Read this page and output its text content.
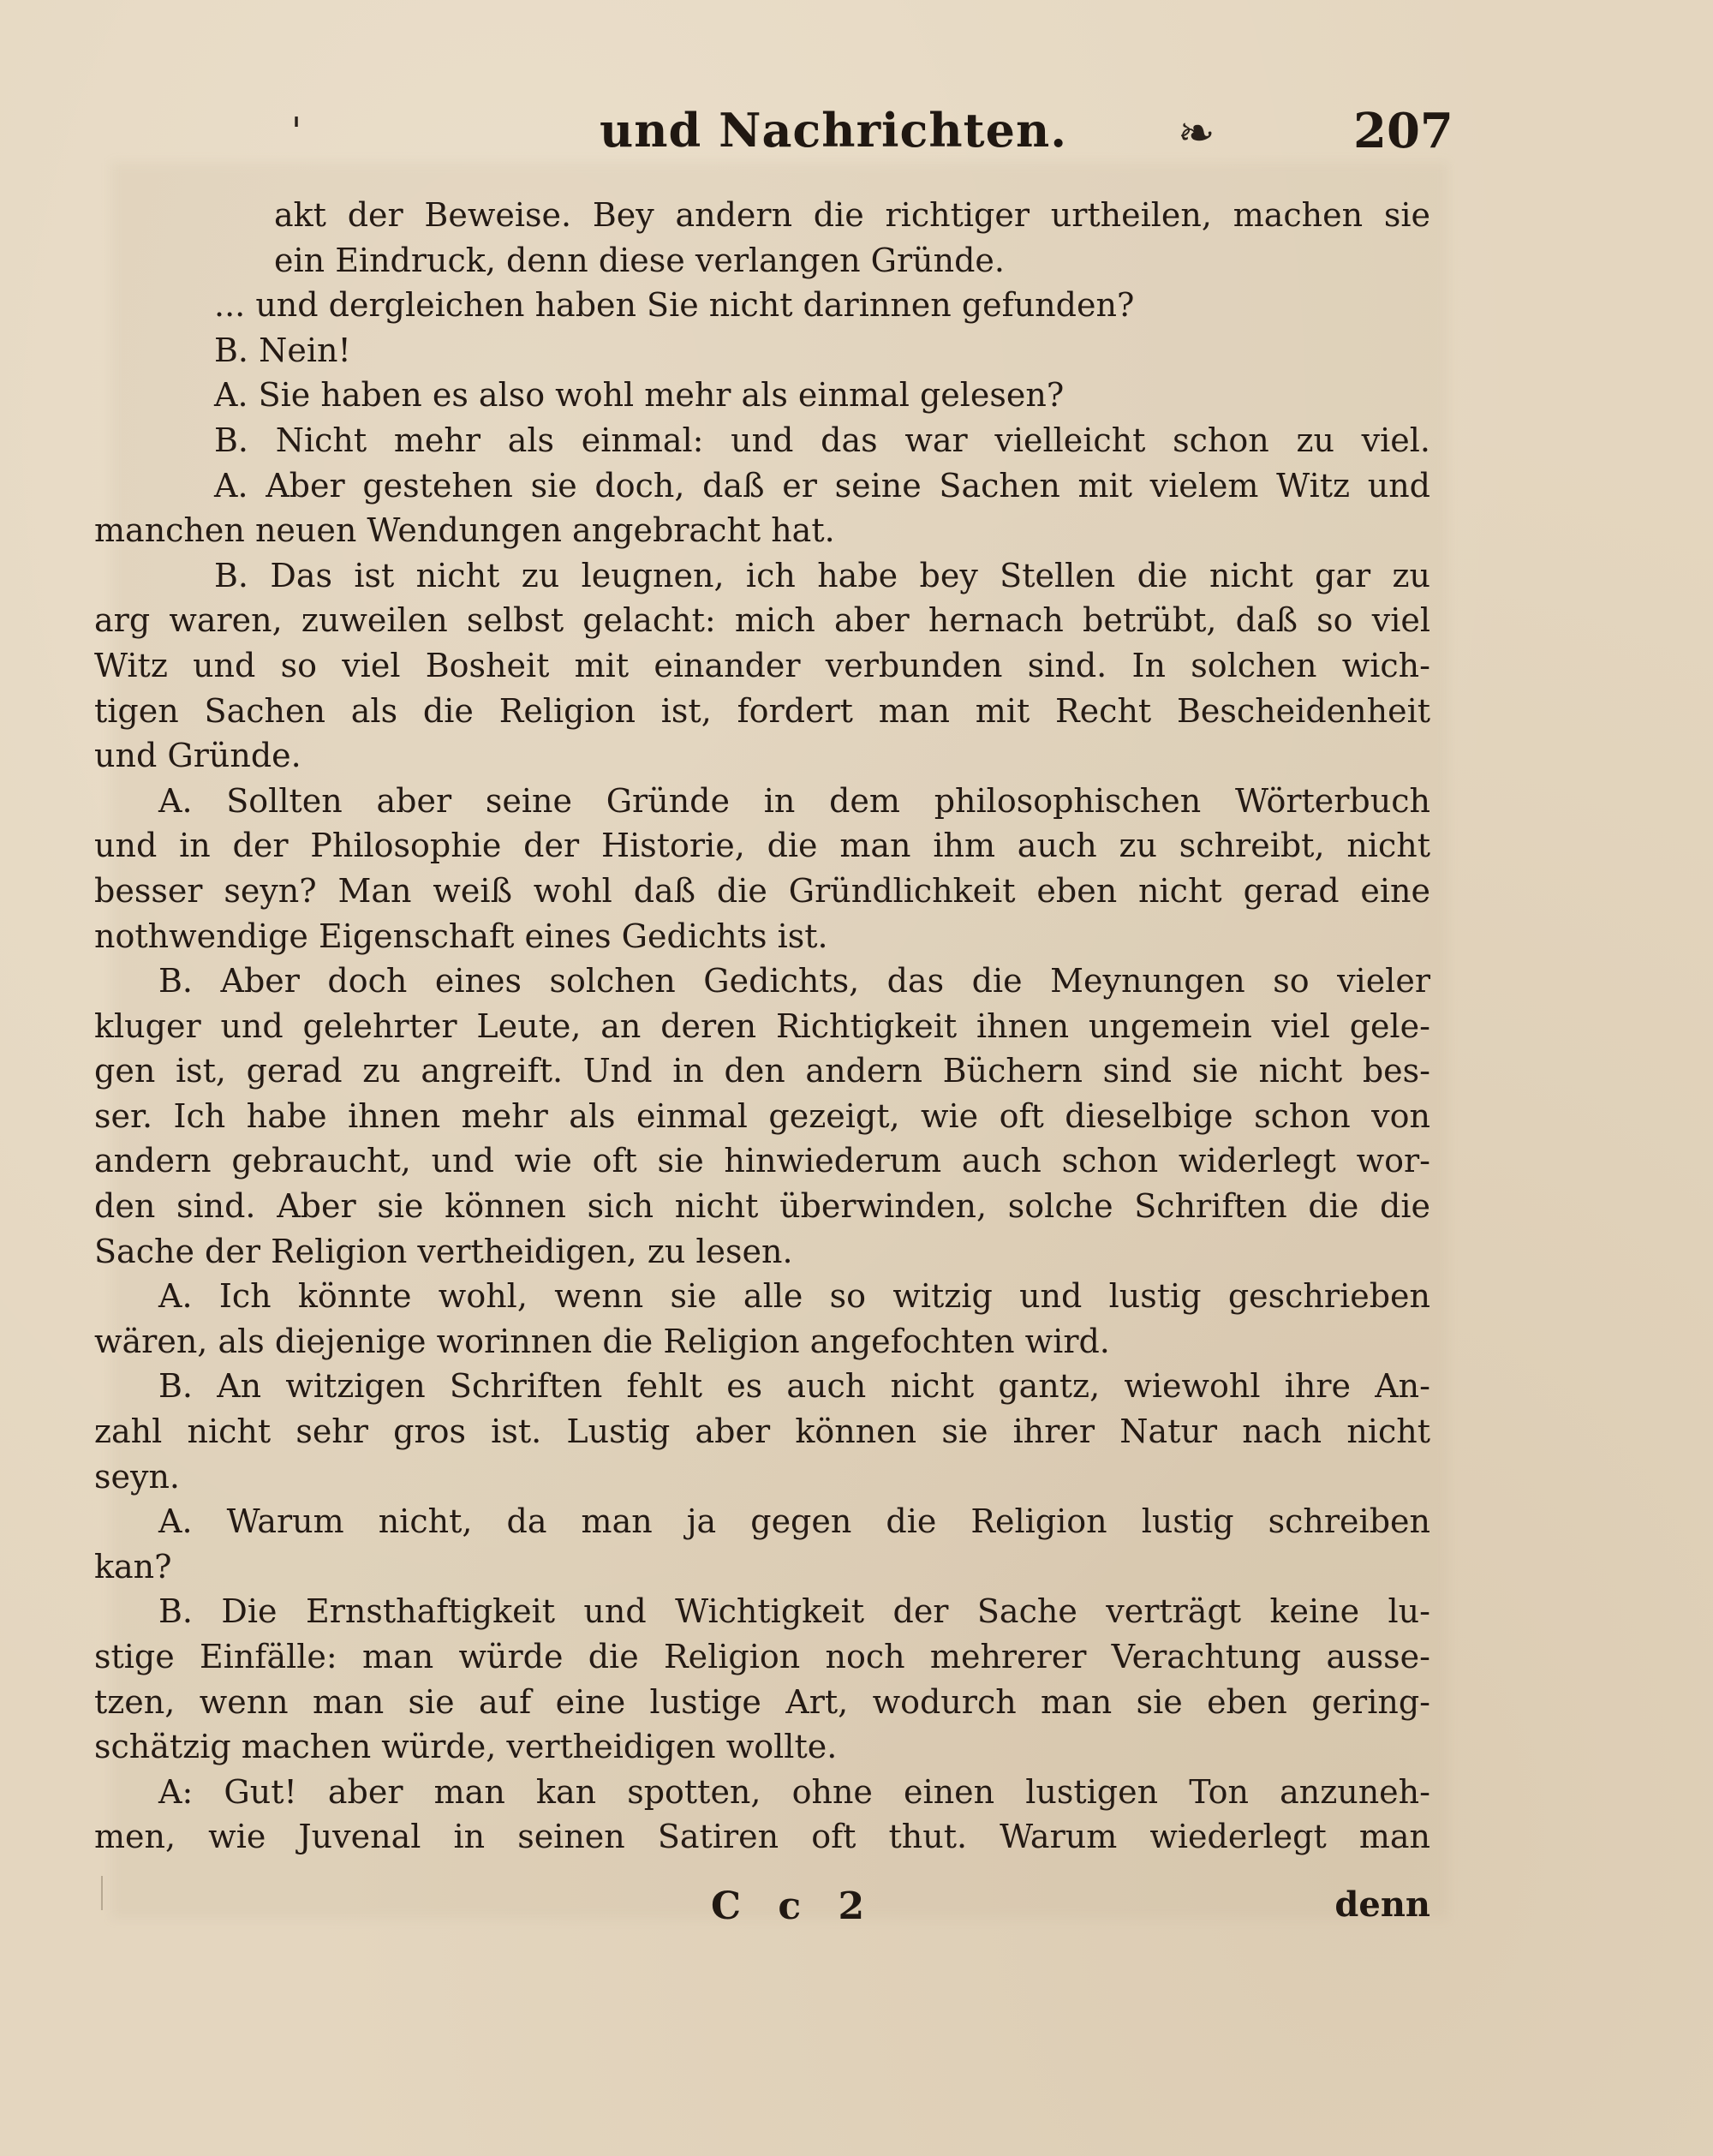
'	und Nachrichten. ❧	207
akt der Beweise. Bey andern die richtiger urtheilen, machen sie
ein Eindruck, denn diese verlangen Gründe.
... und dergleichen haben Sie nicht darinnen gefunden?
B. Nein!
A. Sie haben es also wohl mehr als einmal gelesen?
B. Nicht mehr als einmal: und das war vielleicht schon zu viel.
A. Aber gestehen sie doch, daß er seine Sachen mit vielem Witz und
manchen neuen Wendungen angebracht hat.
B. Das ist nicht zu leugnen, ich habe bey Stellen die nicht gar zu
arg waren, zuweilen selbst gelacht: mich aber hernach betrübt, daß so viel
Witz und so viel Bosheit mit einander verbunden sind. In solchen wich-
tigen Sachen als die Religion ist, fordert man mit Recht Bescheidenheit
und Gründe.
A. Sollten aber seine Gründe in dem philosophischen Wörterbuch
und in der Philosophie der Historie, die man ihm auch zu schreibt, nicht
besser seyn? Man weiß wohl daß die Gründlichkeit eben nicht gerad eine
nothwendige Eigenschaft eines Gedichts ist.
B. Aber doch eines solchen Gedichts, das die Meynungen so vieler
kluger und gelehrter Leute, an deren Richtigkeit ihnen ungemein viel gele-
gen ist, gerad zu angreift. Und in den andern Büchern sind sie nicht bes-
ser. Ich habe ihnen mehr als einmal gezeigt, wie oft dieselbige schon von
andern gebraucht, und wie oft sie hinwiederum auch schon widerlegt wor-
den sind. Aber sie können sich nicht überwinden, solche Schriften die die
Sache der Religion vertheidigen, zu lesen.
A. Ich könnte wohl, wenn sie alle so witzig und lustig geschrieben
wären, als diejenige worinnen die Religion angefochten wird.
B. An witzigen Schriften fehlt es auch nicht gantz, wiewohl ihre An-
zahl nicht sehr gros ist. Lustig aber können sie ihrer Natur nach nicht
seyn.
A. Warum nicht, da man ja gegen die Religion lustig schreiben
kan?
B. Die Ernsthaftigkeit und Wichtigkeit der Sache verträgt keine lu-
stige Einfälle: man würde die Religion noch mehrerer Verachtung ausse-
tzen, wenn man sie auf eine lustige Art, wodurch man sie eben gering-
schätzig machen würde, vertheidigen wollte.
A: Gut! aber man kan spotten, ohne einen lustigen Ton anzuneh-
men, wie Juvenal in seinen Satiren oft thut. Warum wiederlegt man
C c 2	denn
